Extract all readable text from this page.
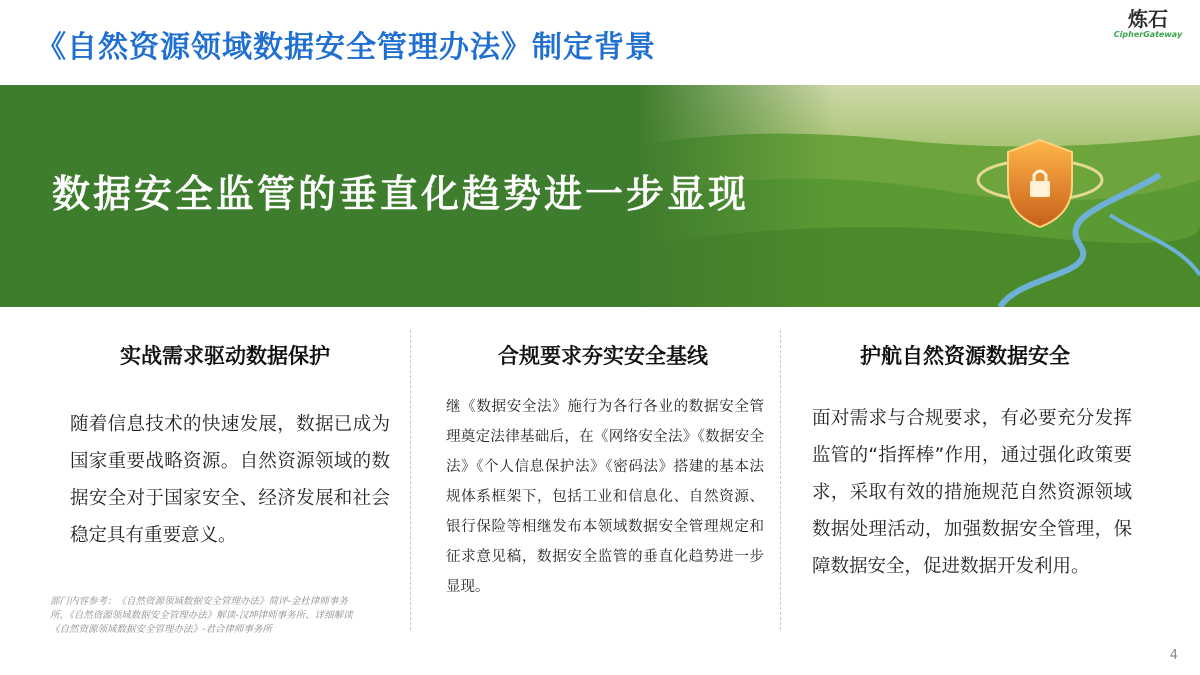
《自然资源领域数据安全管理办法》制定背景
炼石
CipherGateway
数据安全监管的垂直化趋势进一步显现
实战需求驱动数据保护
随着信息技术的快速发展，数据已成为国家重要战略资源。自然资源领域的数据安全对于国家安全、经济发展和社会稳定具有重要意义。
合规要求夯实安全基线
继《数据安全法》施行为各行各业的数据安全管理奠定法律基础后，在《网络安全法》《数据安全法》《个人信息保护法》《密码法》搭建的基本法规体系框架下，包括工业和信息化、自然资源、银行保险等相继发布本领域数据安全管理规定和征求意见稿，数据安全监管的垂直化趋势进一步显现。
护航自然资源数据安全
面对需求与合规要求，有必要充分发挥监管的“指挥棒”作用，通过强化政策要求，采取有效的措施规范自然资源领域数据处理活动，加强数据安全管理，保障数据安全，促进数据开发利用。
部门内容参考：《自然资源领域数据安全管理办法》简评-金杜律师事务所、《自然资源领域数据安全管理办法》解读-汉坤律师事务所、详细解读《自然资源领域数据安全管理办法》-君合律师事务所
4
